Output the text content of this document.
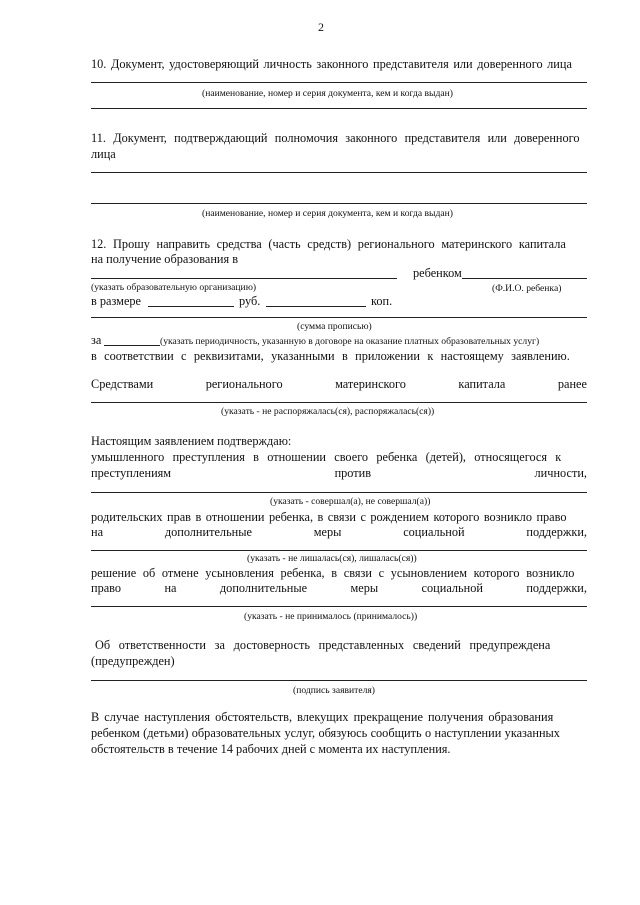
2
10. Документ, удостоверяющий личность законного представителя или доверенного лица
(наименование, номер и серия документа, кем и когда выдан)
11. Документ, подтверждающий полномочия законного представителя или доверенного
лица
(наименование, номер и серия документа, кем и когда выдан)
12. Прошу направить средства (часть средств) регионального материнского капитала
на получение образования в
ребенком
(указать образовательную организацию)	(Ф.И.О. ребенка)
в размере	руб.	коп.
(сумма прописью)
за	(указать периодичность, указанную в договоре на оказание платных образовательных услуг)
в соответствии с реквизитами, указанными в приложении к настоящему заявлению.
Средствами	регионального	материнского	капитала	ранее
(указать - не распоряжалась(ся), распоряжалась(ся))
Настоящим заявлением подтверждаю:
умышленного преступления в отношении своего ребенка (детей), относящегося к
преступлениям	против	личности,
(указать - совершал(а), не совершал(а))
родительских прав в отношении ребенка, в связи с рождением которого возникло право
на	дополнительные	меры	социальной	поддержки,
(указать - не лишалась(ся), лишалась(ся))
решение об отмене усыновления ребенка, в связи с усыновлением которого возникло
право	на	дополнительные	меры	социальной	поддержки,
(указать - не принималось (принималось))
Об ответственности за достоверность представленных сведений предупреждена
(предупрежден)
(подпись заявителя)
В случае наступления обстоятельств, влекущих прекращение получения образования
ребенком (детьми) образовательных услуг, обязуюсь сообщить о наступлении указанных
обстоятельств в течение 14 рабочих дней с момента их наступления.
